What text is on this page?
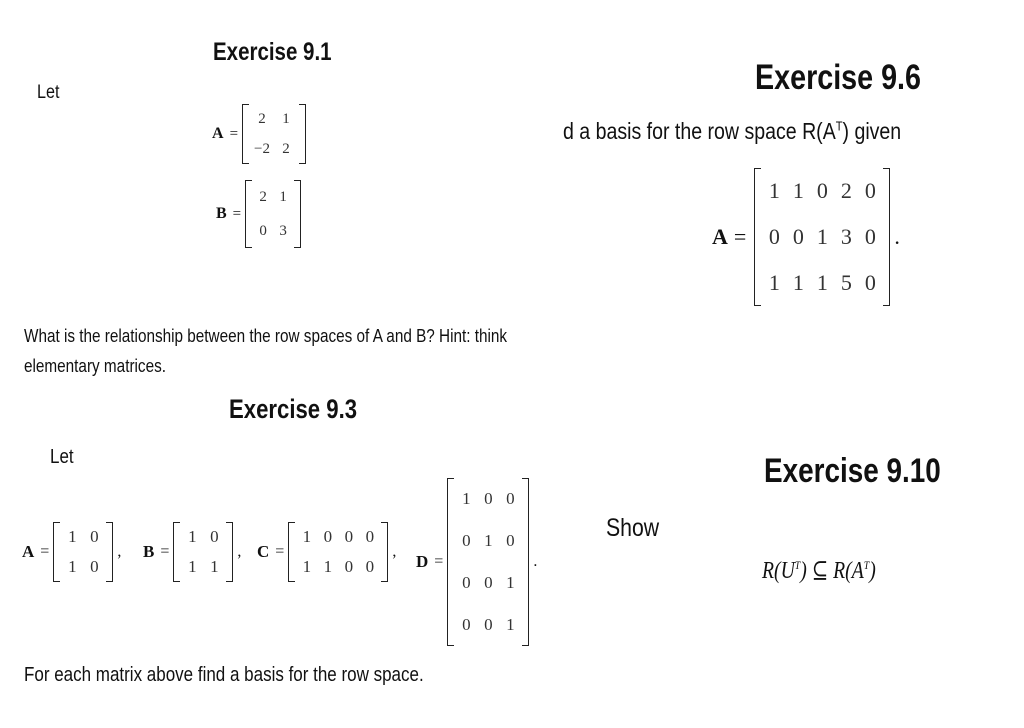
Exercise 9.1
Let
A =
2	1
−2	2
B =
2	1
0	3
What is the relationship between the row spaces of A and B? Hint: think
elementary matrices.
Exercise 9.3
Let
A =
1	0
1	0
, B =
1	0
1	1
, C =
1	0	0	0
1	1	0	0
,
D =
1	0	0
0	1	0
0	0	1
0	0	1
.
For each matrix above find a basis for the row space.
Exercise 9.6
d a basis for the row space $R(A^T)$ given
A =
1	1	0	2	0
0	0	1	3	0
1	1	1	5	0
.
Exercise 9.10
Show
$R(U^T)$ ⊆ $R(A^T)$
